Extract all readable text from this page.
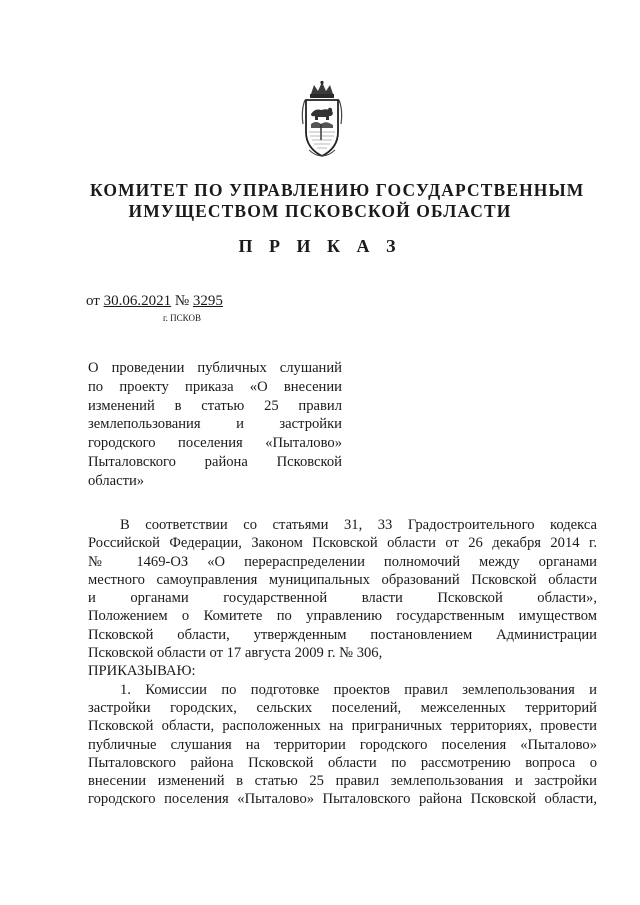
КОМИТЕТ ПО УПРАВЛЕНИЮ ГОСУДАРСТВЕННЫМ
ИМУЩЕСТВОМ ПСКОВСКОЙ ОБЛАСТИ
П Р И К А З
от 30.06.2021 № 3295
г. ПСКОВ
О проведении публичных слушаний
по проекту приказа «О внесении
изменений в статью 25 правил
землепользования и застройки
городского поселения «Пыталово»
Пыталовского района Псковской
области»
В соответствии со статьями 31, 33 Градостроительного кодекса
Российской Федерации, Законом Псковской области от 26 декабря 2014 г.
№ 1469-ОЗ «О перераспределении полномочий между органами
местного самоуправления муниципальных образований Псковской области
и органами государственной власти Псковской области»,
Положением о Комитете по управлению государственным имуществом
Псковской области, утвержденным постановлением Администрации
Псковской области от 17 августа 2009 г. № 306,
ПРИКАЗЫВАЮ:
1. Комиссии по подготовке проектов правил землепользования и
застройки городских, сельских поселений, межселенных территорий
Псковской области, расположенных на приграничных территориях, провести
публичные слушания на территории городского поселения «Пыталово»
Пыталовского района Псковской области по рассмотрению вопроса о
внесении изменений в статью 25 правил землепользования и застройки
городского поселения «Пыталово» Пыталовского района Псковской области,
